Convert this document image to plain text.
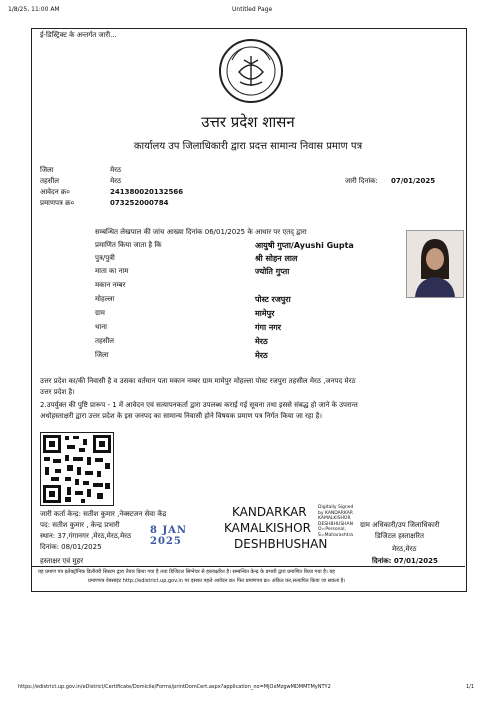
1/8/25, 11:00 AM	Untitled Page
https://edistrict.up.gov.in/eDistrict/Certificate/Domicile/Forms/printDomCert.aspx?application_no=MjOxMzgwMDMMTMyNTY2	1/1
ई-डिस्ट्रिक्ट के अन्तर्गत जारी...
उत्तर प्रदेश शासन
कार्यालय उप जिलाधिकारी द्वारा प्रदत्त सामान्य निवास प्रमाण पत्र
जिला	मेरठ
तहसील	मेरठ
आवेदन क्र०	241380020132566
प्रमाणपत्र क्र०	073252000784
जारी दिनांक: 07/01/2025
सम्बन्धित लेखपाल की जांच आख्या दिनांक 06/01/2025 के आधार पर एतद् द्वारा
प्रमाणित किया जाता है कि	आयुषी गुप्ता/Ayushi Gupta
पुत्र/पुत्री	श्री सोहन लाल
माता का नाम	ज्योति गुप्ता
मकान नम्बर
मोहल्ला	पोस्ट रजपुरा
ग्राम	मामेपुर
थाना	गंगा नगर
तहसील	मेरठ
जिला	मेरठ
उत्तर प्रदेश का/की निवासी है व उसका वर्तमान पता मकान नम्बर ग्राम मामेपुर मोहल्ला पोस्ट रजपुरा तहसील मेरठ ,जनपद मेरठ
उत्तर प्रदेश है।
2.उपर्युक्त की पुष्टि प्रारूप - 1 में आवेदन एवं सत्यापनकर्ता द्वारा उपलब्ध कराई गई सूचना तथा इससे संबद्ध हो जाने के उपरान्त
अधोहस्ताक्षरी द्वारा उत्तर प्रदेश के इस जनपद का सामान्य निवासी होने विषयक प्रमाण पत्र निर्गत किया जा रहा है।
जारी कर्ता केन्द्र: सतीश कुमार ,नेक्स्टजन सेवा केंद्र
पद: सतीश कुमार , केन्द्र प्रभारी
स्थान: 37,गंगानगर ,मेरठ,मेरठ,मेरठ
दिनांक: 08/01/2025
हस्ताक्षर एवं मुहर
8 JAN 2025
KANDARKAR
KAMALKISHOR
DESHBHUSHAN
Digitally Signed
by KANDARKAR
KAMALKISHOR
DESHBHUSHAN
O=Personal,
S=Maharashtra
ग्राम अधिकारी/उप जिलाधिकारी
डिजिटल हस्ताक्षरित
मेरठ,मेरठ
दिनांक: 07/01/2025
यह प्रमाण पत्र इलेक्ट्रॉनिक डिलीवरी सिस्टम द्वारा तैयार किया गया है तथा डिजिटल सिग्नेचर से हस्ताक्षरित है। सम्बन्धित केन्द्र के प्रभारी द्वारा प्रमाणित किया गया है। यह
प्रमाणपत्र वेबसाइट http://edistrict.up.gov.in पर इसका पहले आवेदन क्र० फिर प्रमाणपत्र क्र० अंकित कर,सत्यापित किया जा सकता है।
